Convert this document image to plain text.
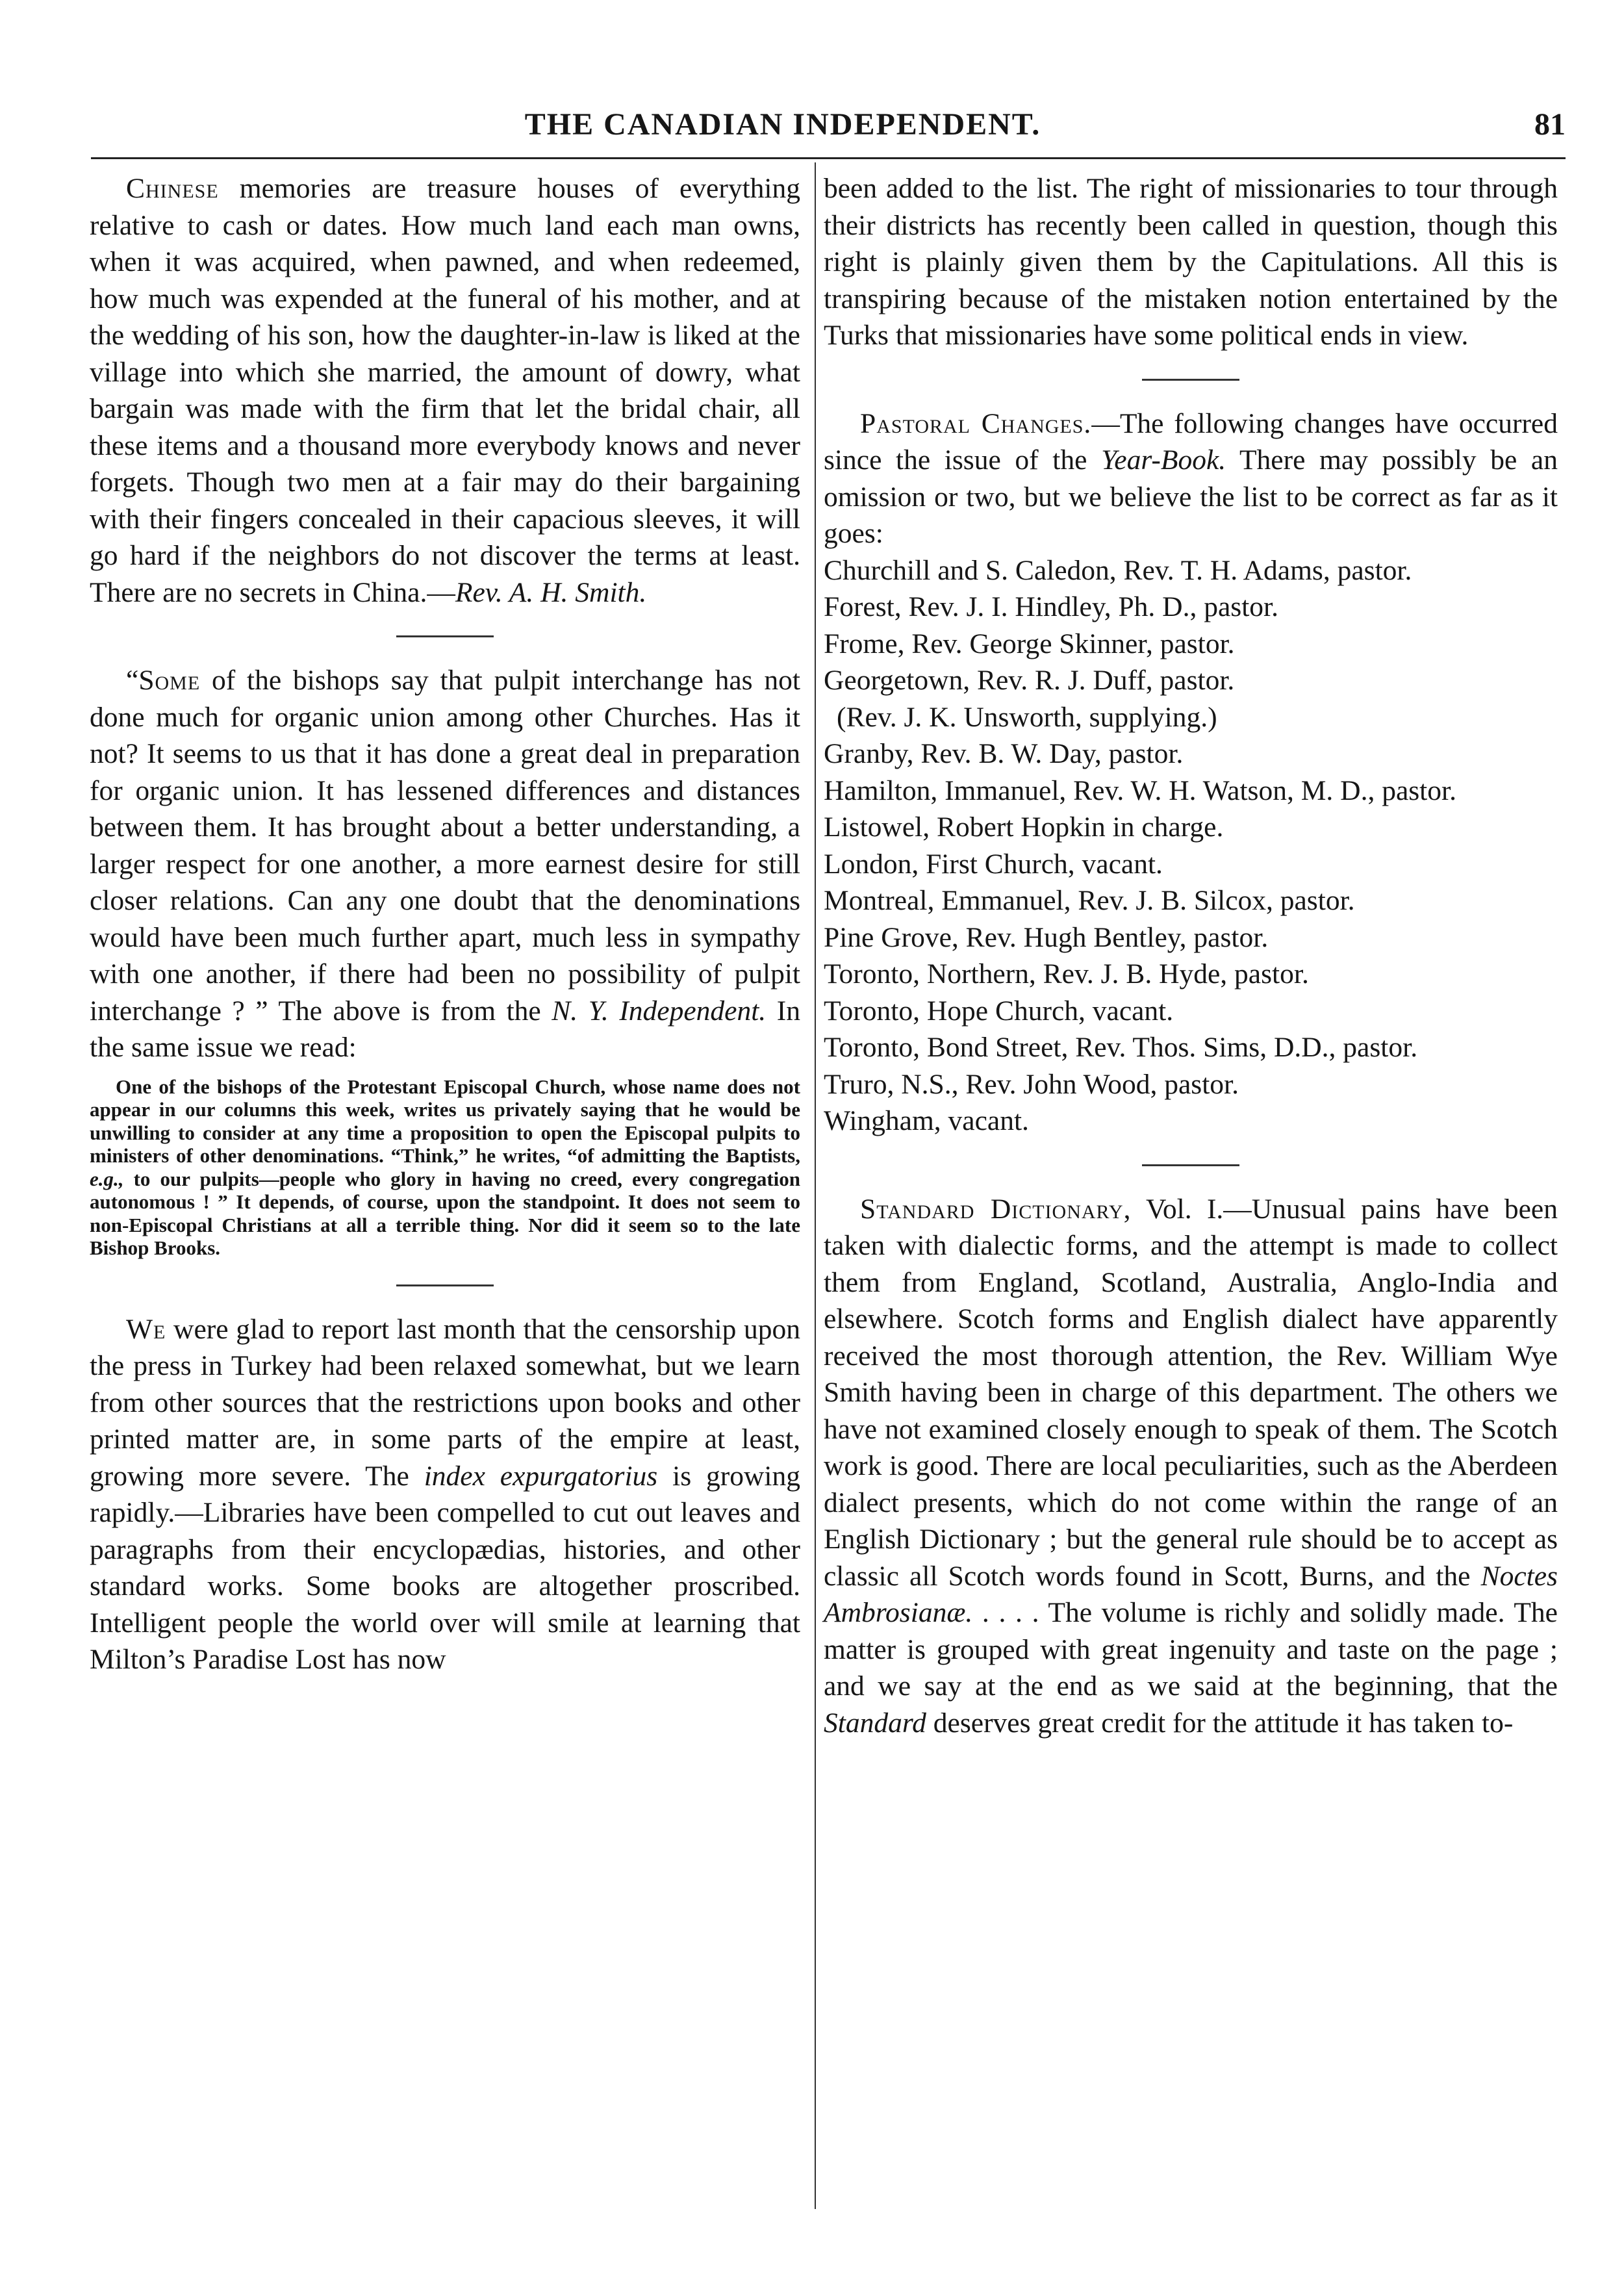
THE CANADIAN INDEPENDENT.	81

Chinese memories are treasure houses of everything relative to cash or dates. How much land each man owns, when it was acquired, when pawned, and when redeemed, how much was expended at the funeral of his mother, and at the wedding of his son, how the daughter-in-law is liked at the village into which she married, the amount of dowry, what bargain was made with the firm that let the bridal chair, all these items and a thousand more everybody knows and never forgets. Though two men at a fair may do their bargaining with their fingers concealed in their capacious sleeves, it will go hard if the neighbors do not discover the terms at least. There are no secrets in China.—Rev. A. H. Smith.

“Some of the bishops say that pulpit interchange has not done much for organic union among other Churches. Has it not? It seems to us that it has done a great deal in preparation for organic union. It has lessened differences and distances between them. It has brought about a better understanding, a larger respect for one another, a more earnest desire for still closer relations. Can any one doubt that the denominations would have been much further apart, much less in sympathy with one another, if there had been no possibility of pulpit interchange ? ” The above is from the N. Y. Independent. In the same issue we read:

One of the bishops of the Protestant Episcopal Church, whose name does not appear in our columns this week, writes us privately saying that he would be unwilling to consider at any time a proposition to open the Episcopal pulpits to ministers of other denominations. “Think,” he writes, “of admitting the Baptists, e.g., to our pulpits—people who glory in having no creed, every congregation autonomous ! ” It depends, of course, upon the standpoint. It does not seem to non-Episcopal Christians at all a terrible thing. Nor did it seem so to the late Bishop Brooks.

We were glad to report last month that the censorship upon the press in Turkey had been relaxed somewhat, but we learn from other sources that the restrictions upon books and other printed matter are, in some parts of the empire at least, growing more severe. The index expurgatorius is growing rapidly.—Libraries have been compelled to cut out leaves and paragraphs from their encyclopædias, histories, and other standard works. Some books are altogether proscribed. Intelligent people the world over will smile at learning that Milton’s Paradise Lost has now

been added to the list. The right of missionaries to tour through their districts has recently been called in question, though this right is plainly given them by the Capitulations. All this is transpiring because of the mistaken notion entertained by the Turks that missionaries have some political ends in view.

Pastoral Changes.—The following changes have occurred since the issue of the Year-Book. There may possibly be an omission or two, but we believe the list to be correct as far as it goes:

Churchill and S. Caledon, Rev. T. H. Adams, pastor.
Forest, Rev. J. I. Hindley, Ph. D., pastor.
Frome, Rev. George Skinner, pastor.
Georgetown, Rev. R. J. Duff, pastor.
(Rev. J. K. Unsworth, supplying.)
Granby, Rev. B. W. Day, pastor.
Hamilton, Immanuel, Rev. W. H. Watson, M. D., pastor.
Listowel, Robert Hopkin in charge.
London, First Church, vacant.
Montreal, Emmanuel, Rev. J. B. Silcox, pastor.
Pine Grove, Rev. Hugh Bentley, pastor.
Toronto, Northern, Rev. J. B. Hyde, pastor.
Toronto, Hope Church, vacant.
Toronto, Bond Street, Rev. Thos. Sims, D.D., pastor.
Truro, N.S., Rev. John Wood, pastor.
Wingham, vacant.

Standard Dictionary, Vol. I.—Unusual pains have been taken with dialectic forms, and the attempt is made to collect them from England, Scotland, Australia, Anglo-India and elsewhere. Scotch forms and English dialect have apparently received the most thorough attention, the Rev. William Wye Smith having been in charge of this department. The others we have not examined closely enough to speak of them. The Scotch work is good. There are local peculiarities, such as the Aberdeen dialect presents, which do not come within the range of an English Dictionary ; but the general rule should be to accept as classic all Scotch words found in Scott, Burns, and the Noctes Ambrosianæ. . . . . The volume is richly and solidly made. The matter is grouped with great ingenuity and taste on the page ; and we say at the end as we said at the beginning, that the Standard deserves great credit for the attitude it has taken to-
